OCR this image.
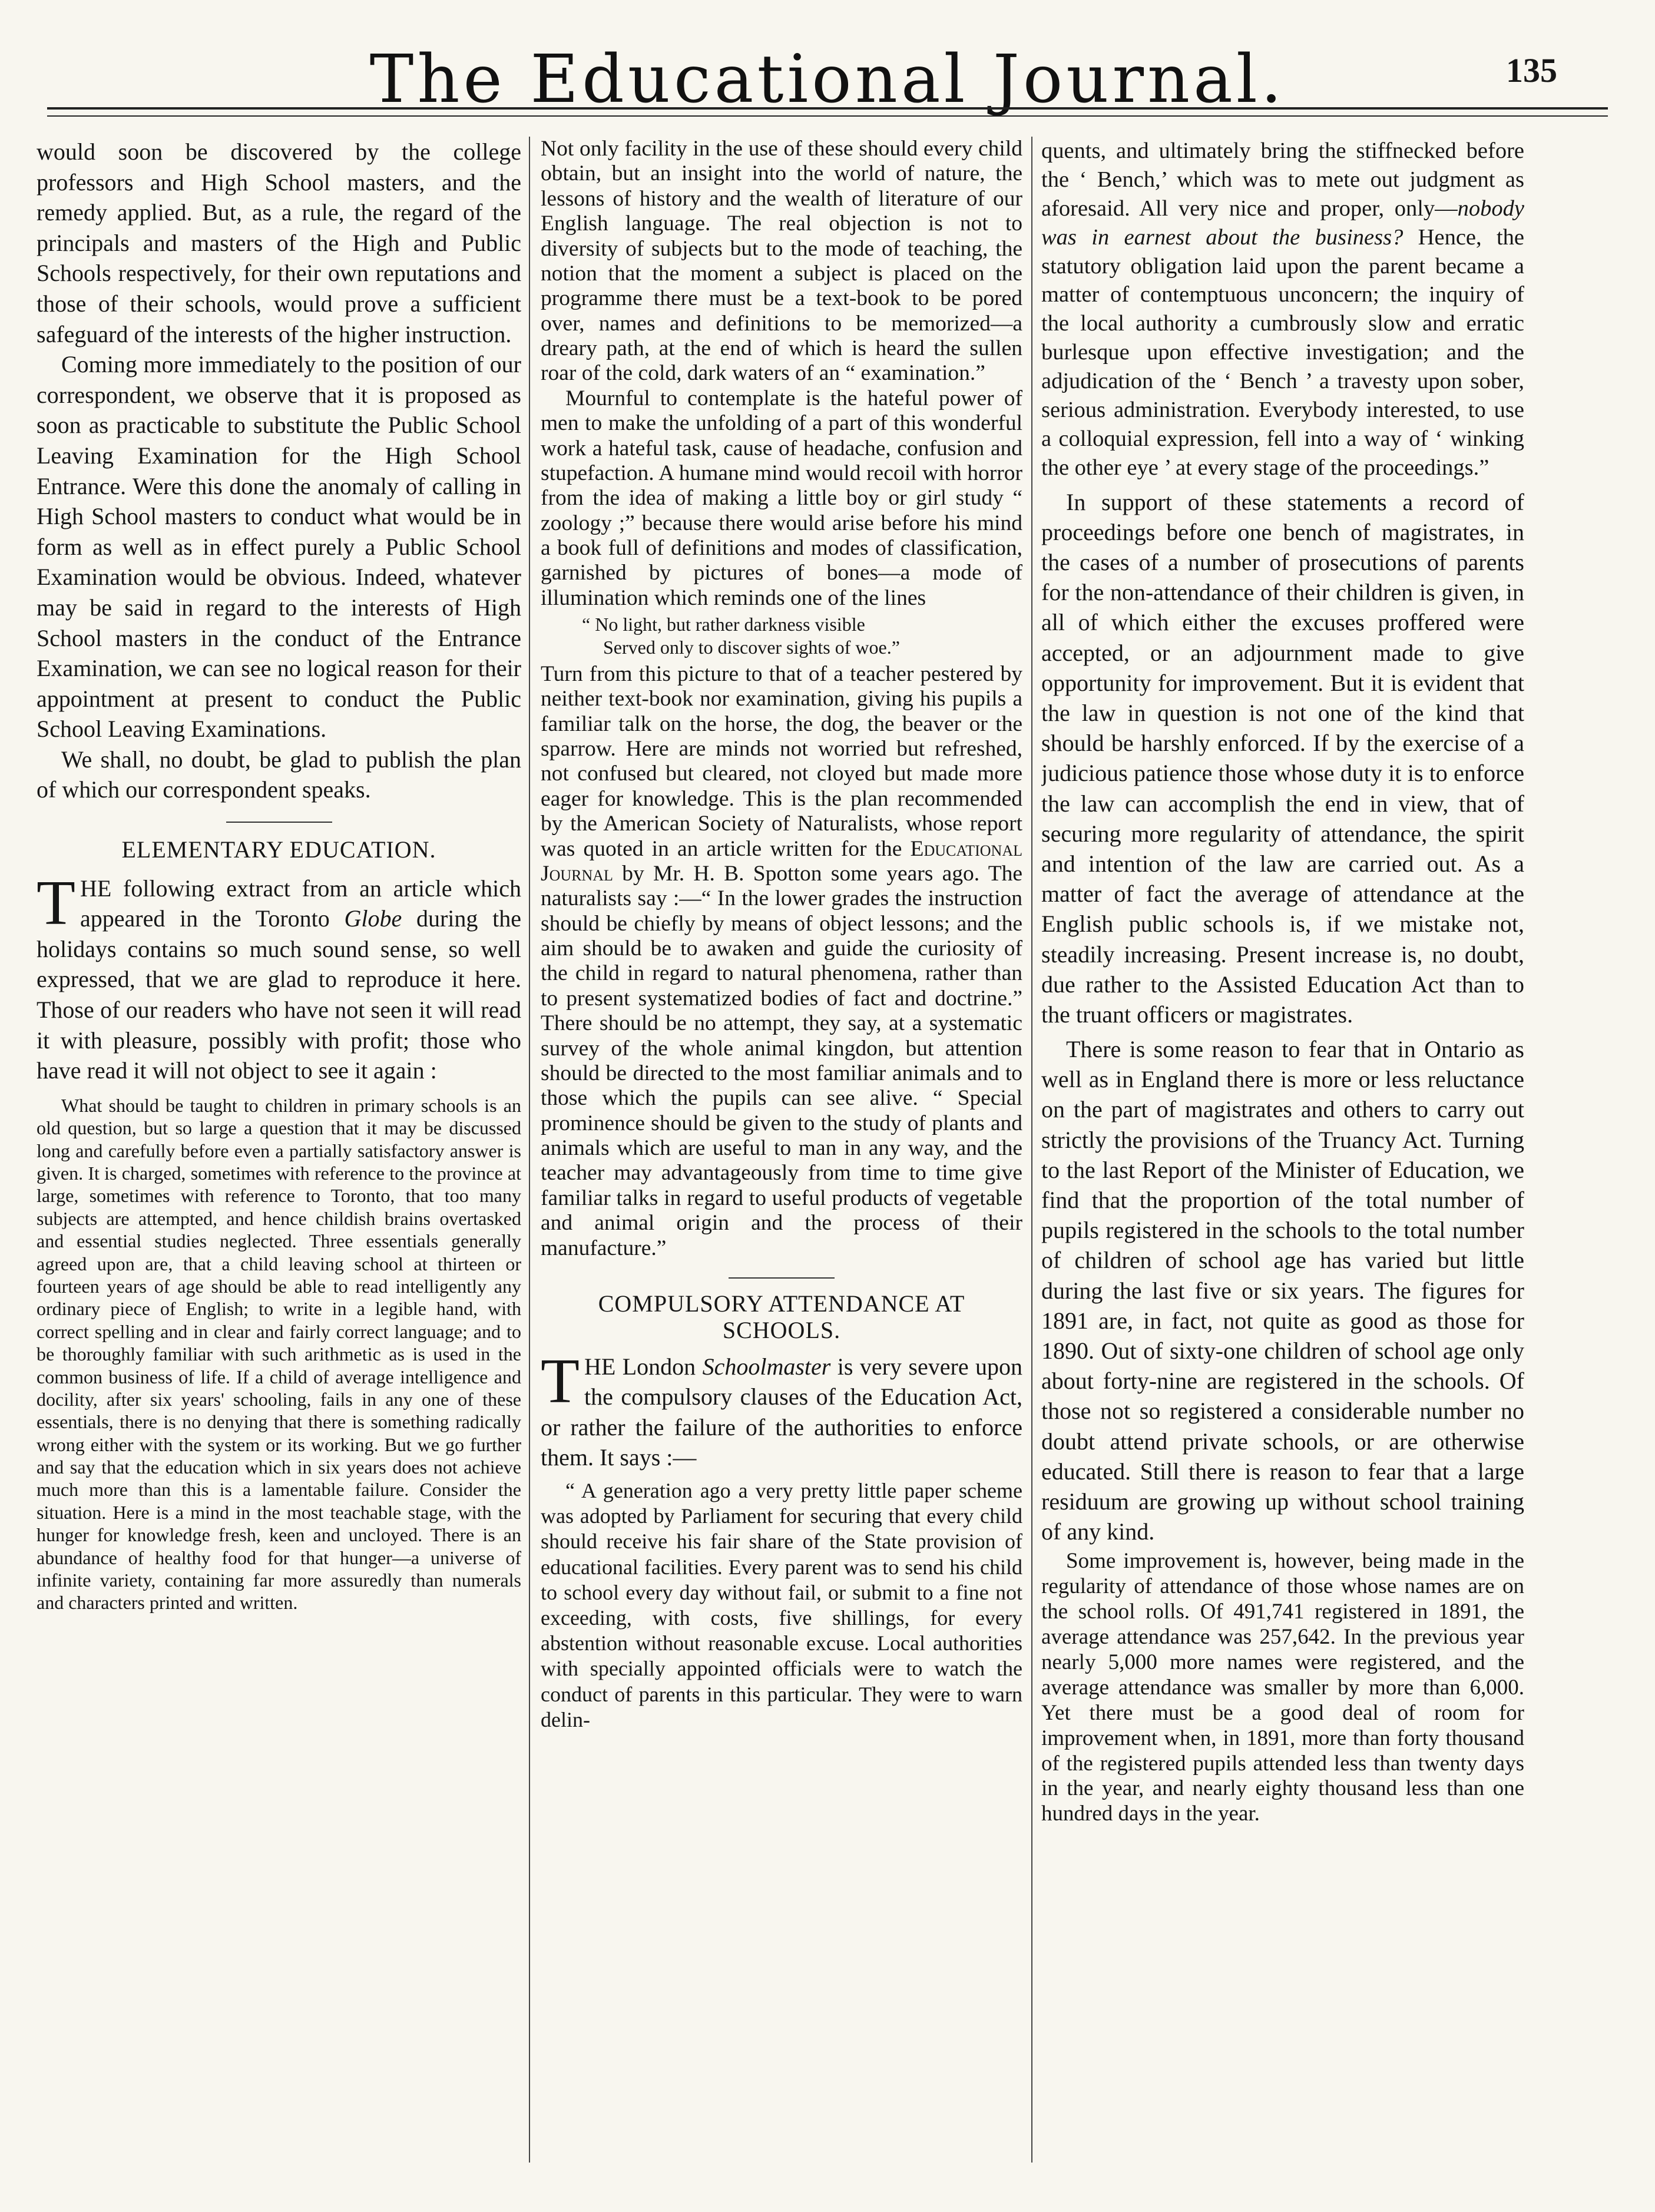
The Educational Journal.	135

would soon be discovered by the college professors and High School masters, and the remedy applied. But, as a rule, the regard of the principals and masters of the High and Public Schools respectively, for their own reputations and those of their schools, would prove a sufficient safeguard of the interests of the higher instruction.

Coming more immediately to the position of our correspondent, we observe that it is proposed as soon as practicable to substitute the Public School Leaving Examination for the High School Entrance. Were this done the anomaly of calling in High School masters to conduct what would be in form as well as in effect purely a Public School Examination would be obvious. Indeed, whatever may be said in regard to the interests of High School masters in the conduct of the Entrance Examination, we can see no logical reason for their appointment at present to conduct the Public School Leaving Examinations.

We shall, no doubt, be glad to publish the plan of which our correspondent speaks.

ELEMENTARY EDUCATION.
T HE following extract from an article which appeared in the Toronto Globe during the holidays contains so much sound sense, so well expressed, that we are glad to reproduce it here. Those of our readers who have not seen it will read it with pleasure, possibly with profit; those who have read it will not object to see it again :

What should be taught to children in primary schools is an old question, but so large a question that it may be discussed long and carefully before even a partially satisfactory answer is given. It is charged, sometimes with reference to the province at large, sometimes with reference to Toronto, that too many subjects are attempted, and hence childish brains overtasked and essential studies neglected. Three essentials generally agreed upon are, that a child leaving school at thirteen or fourteen years of age should be able to read intelligently any ordinary piece of English; to write in a legible hand, with correct spelling and in clear and fairly correct language; and to be thoroughly familiar with such arithmetic as is used in the common business of life. If a child of average intelligence and docility, after six years' schooling, fails in any one of these essentials, there is no denying that there is something radically wrong either with the system or its working. But we go further and say that the education which in six years does not achieve much more than this is a lamentable failure. Consider the situation. Here is a mind in the most teachable stage, with the hunger for knowledge fresh, keen and uncloyed. There is an abundance of healthy food for that hunger—a universe of infinite variety, containing far more assuredly than numerals and characters printed and written.

Not only facility in the use of these should every child obtain, but an insight into the world of nature, the lessons of history and the wealth of literature of our English language. The real objection is not to diversity of subjects but to the mode of teaching, the notion that the moment a subject is placed on the programme there must be a text-book to be pored over, names and definitions to be memorized—a dreary path, at the end of which is heard the sullen roar of the cold, dark waters of an “ examination.”

Mournful to contemplate is the hateful power of men to make the unfolding of a part of this wonderful work a hateful task, cause of headache, confusion and stupefaction. A humane mind would recoil with horror from the idea of making a little boy or girl study “ zoology ;” because there would arise before his mind a book full of definitions and modes of classification, garnished by pictures of bones—a mode of illumination which reminds one of the lines

“ No light, but rather darkness visible
Served only to discover sights of woe.”

Turn from this picture to that of a teacher pestered by neither text-book nor examination, giving his pupils a familiar talk on the horse, the dog, the beaver or the sparrow. Here are minds not worried but refreshed, not confused but cleared, not cloyed but made more eager for knowledge. This is the plan recommended by the American Society of Naturalists, whose report was quoted in an article written for the Educational Journal by Mr. H. B. Spotton some years ago. The naturalists say :—“ In the lower grades the instruction should be chiefly by means of object lessons; and the aim should be to awaken and guide the curiosity of the child in regard to natural phenomena, rather than to present systematized bodies of fact and doctrine.” There should be no attempt, they say, at a systematic survey of the whole animal kingdon, but attention should be directed to the most familiar animals and to those which the pupils can see alive. “ Special prominence should be given to the study of plants and animals which are useful to man in any way, and the teacher may advantageously from time to time give familiar talks in regard to useful products of vegetable and animal origin and the process of their manufacture.”

COMPULSORY ATTENDANCE AT
SCHOOLS.
T HE London Schoolmaster is very severe upon the compulsory clauses of the Education Act, or rather the failure of the authorities to enforce them. It says :—

“ A generation ago a very pretty little paper scheme was adopted by Parliament for securing that every child should receive his fair share of the State provision of educational facilities. Every parent was to send his child to school every day without fail, or submit to a fine not exceeding, with costs, five shillings, for every abstention without reasonable excuse. Local authorities with specially appointed officials were to watch the conduct of parents in this particular. They were to warn delin-

quents, and ultimately bring the stiffnecked before the ‘ Bench,’ which was to mete out judgment as aforesaid. All very nice and proper, only—nobody was in earnest about the business? Hence, the statutory obligation laid upon the parent became a matter of contemptuous unconcern; the inquiry of the local authority a cumbrously slow and erratic burlesque upon effective investigation; and the adjudication of the ‘ Bench ’ a travesty upon sober, serious administration. Everybody interested, to use a colloquial expression, fell into a way of ‘ winking the other eye ’ at every stage of the proceedings.”

In support of these statements a record of proceedings before one bench of magistrates, in the cases of a number of prosecutions of parents for the non-attendance of their children is given, in all of which either the excuses proffered were accepted, or an adjournment made to give opportunity for improvement. But it is evident that the law in question is not one of the kind that should be harshly enforced. If by the exercise of a judicious patience those whose duty it is to enforce the law can accomplish the end in view, that of securing more regularity of attendance, the spirit and intention of the law are carried out. As a matter of fact the average of attendance at the English public schools is, if we mistake not, steadily increasing. Present increase is, no doubt, due rather to the Assisted Education Act than to the truant officers or magistrates.

There is some reason to fear that in Ontario as well as in England there is more or less reluctance on the part of magistrates and others to carry out strictly the provisions of the Truancy Act. Turning to the last Report of the Minister of Education, we find that the proportion of the total number of pupils registered in the schools to the total number of children of school age has varied but little during the last five or six years. The figures for 1891 are, in fact, not quite as good as those for 1890. Out of sixty-one children of school age only about forty-nine are registered in the schools. Of those not so registered a considerable number no doubt attend private schools, or are otherwise educated. Still there is reason to fear that a large residuum are growing up without school training of any kind.

Some improvement is, however, being made in the regularity of attendance of those whose names are on the school rolls. Of 491,741 registered in 1891, the average attendance was 257,642. In the previous year nearly 5,000 more names were registered, and the average attendance was smaller by more than 6,000. Yet there must be a good deal of room for improvement when, in 1891, more than forty thousand of the registered pupils attended less than twenty days in the year, and nearly eighty thousand less than one hundred days in the year.
